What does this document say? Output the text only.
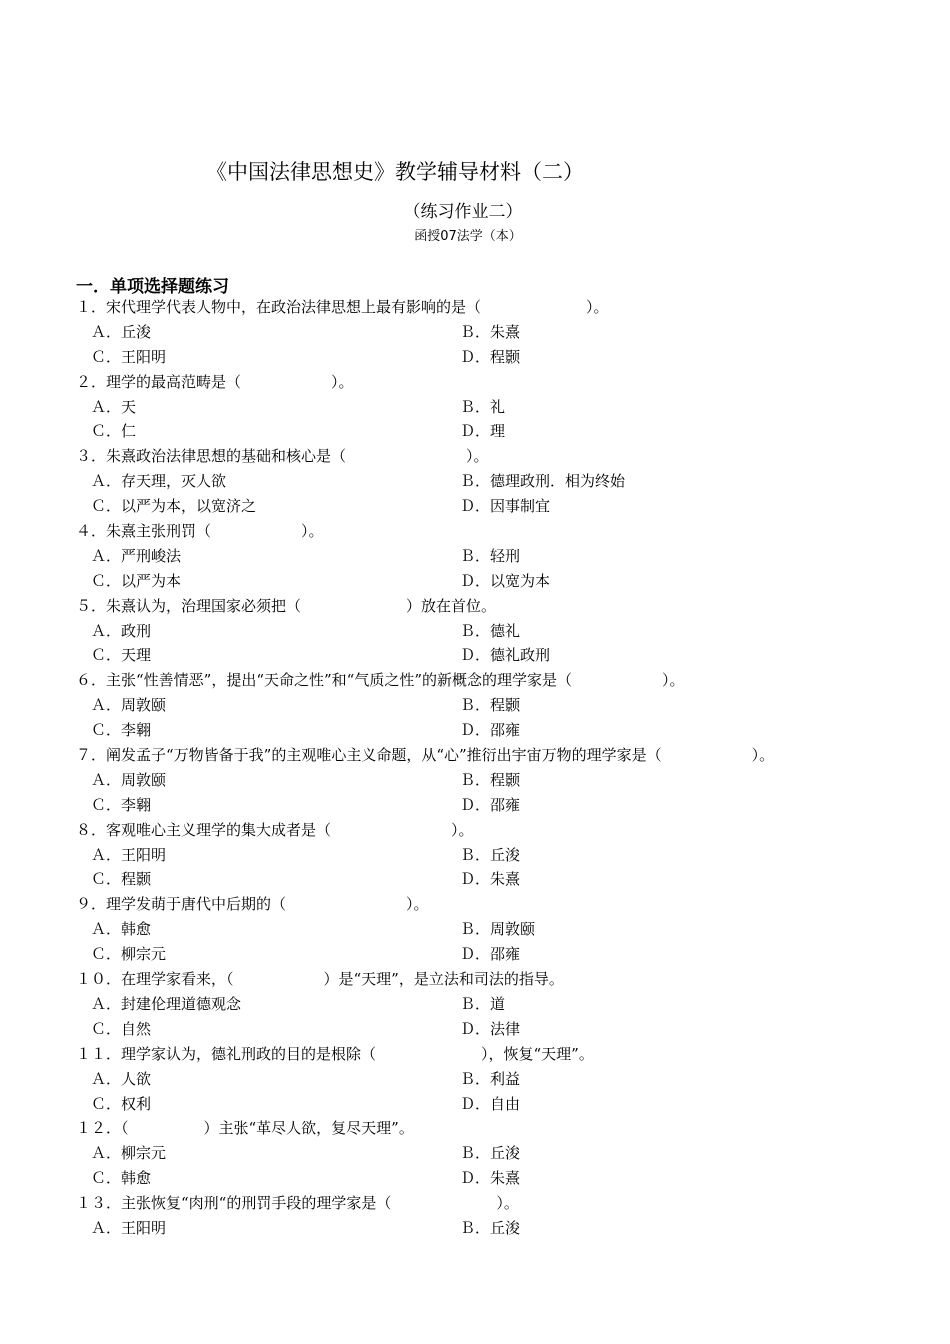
《中国法律思想史》教学辅导材料（二）
（练习作业二）
函授07法学（本）
一．单项选择题练习
１．宋代理学代表人物中，在政治法律思想上最有影响的是（　　　　　　　）。
Ａ．丘浚	Ｂ．朱熹
Ｃ．王阳明	Ｄ．程颢
２．理学的最高范畴是（　　　　　　）。
Ａ．天	Ｂ．礼
Ｃ．仁	Ｄ．理
３．朱熹政治法律思想的基础和核心是（　　　　　　　　）。
Ａ．存天理，灭人欲	Ｂ．德理政刑．相为终始
Ｃ．以严为本，以宽济之	Ｄ．因事制宜
４．朱熹主张刑罚（　　　　　　）。
Ａ．严刑峻法	Ｂ．轻刑
Ｃ．以严为本	Ｄ．以宽为本
５．朱熹认为，治理国家必须把（　　　　　　　）放在首位。
Ａ．政刑	Ｂ．德礼
Ｃ．天理	Ｄ．德礼政刑
６．主张“性善情恶”，提出“天命之性”和“气质之性”的新概念的理学家是（　　　　　　）。
Ａ．周敦颐	Ｂ．程颢
Ｃ．李翱	Ｄ．邵雍
７．阐发孟子“万物皆备于我”的主观唯心主义命题，从“心”推衍出宇宙万物的理学家是（　　　　　　）。
Ａ．周敦颐	Ｂ．程颢
Ｃ．李翱	Ｄ．邵雍
８．客观唯心主义理学的集大成者是（　　　　　　　　）。
Ａ．王阳明	Ｂ．丘浚
Ｃ．程颢	Ｄ．朱熹
９．理学发萌于唐代中后期的（　　　　　　　　）。
Ａ．韩愈	Ｂ．周敦颐
Ｃ．柳宗元	Ｄ．邵雍
１０．在理学家看来，（　　　　　　）是“天理”，是立法和司法的指导。
Ａ．封建伦理道德观念	Ｂ．道
Ｃ．自然	Ｄ．法律
１１．理学家认为，德礼刑政的目的是根除（　　　　　　　），恢复“天理”。
Ａ．人欲	Ｂ．利益
Ｃ．权利	Ｄ．自由
１２．（　　　　　）主张“革尽人欲，复尽天理”。
Ａ．柳宗元	Ｂ．丘浚
Ｃ．韩愈	Ｄ．朱熹
１３．主张恢复“肉刑“的刑罚手段的理学家是（　　　　　　　）。
Ａ．王阳明	Ｂ．丘浚
